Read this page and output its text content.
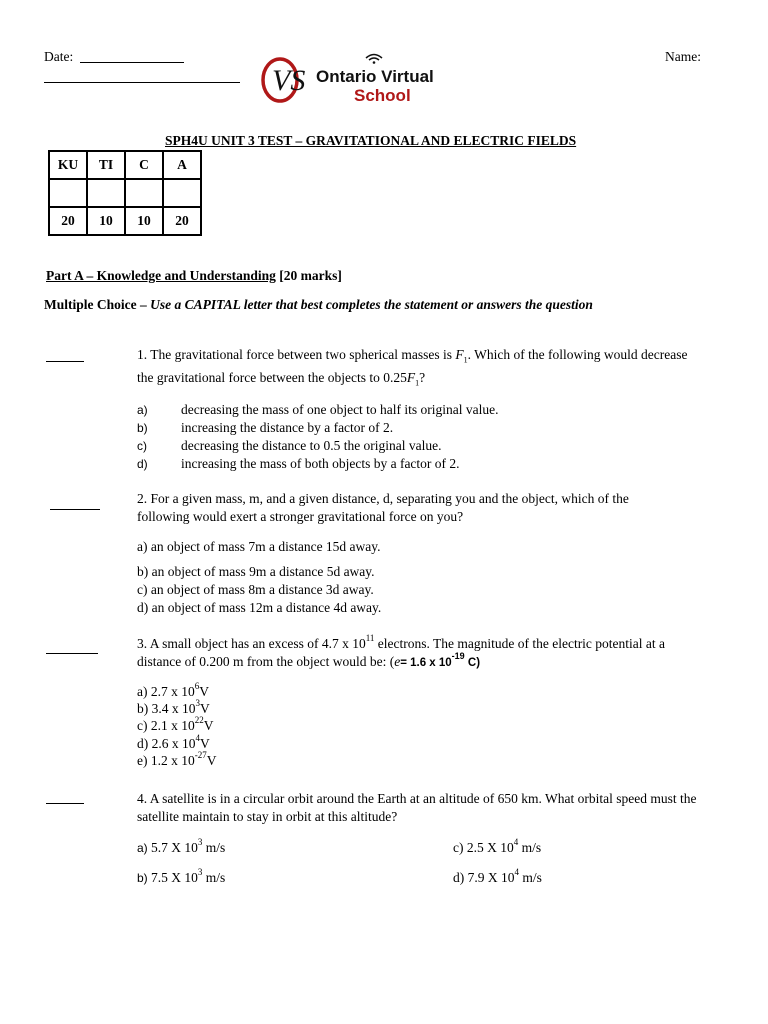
Date:	Name:
VS Ontario Virtual
School
SPH4U UNIT 3 TEST – GRAVITATIONAL AND ELECTRIC FIELDS
KU	TI	C	A

20	10	10	20
Part A – Knowledge and Understanding [20 marks]
Multiple Choice – Use a CAPITAL letter that best completes the statement or answers the question
1. The gravitational force between two spherical masses is $F_1$. Which of the following would decrease
the gravitational force between the objects to $0.25F_1$?
a) decreasing the mass of one object to half its original value.
b) increasing the distance by a factor of 2.
c)	decreasing the distance to 0.5 the original value.
d) increasing the mass of both objects by a factor of 2.
2. For a given mass, m, and a given distance, d, separating you and the object, which of the
following would exert a stronger gravitational force on you?
a) an object of mass 7m a distance 15d away.
b) an object of mass 9m a distance 5d away.
c) an object of mass 8m a distance 3d away.
d) an object of mass 12m a distance 4d away.
3. A small object has an excess of 4.7 x $10^{11}$ electrons. The magnitude of the electric potential at a
distance of 0.200 m from the object would be: (e= 1.6 x $10^{-19}$ C)
a) 2.7 x $10^6V$
b) 3.4 x $10^3V$
c) 2.1 x $10^{22}V$
d) 2.6 x $10^4V$
e) 1.2 x $10^{-27}V$
4. A satellite is in a circular orbit around the Earth at an altitude of 650 km. What orbital speed must the
satellite maintain to stay in orbit at this altitude?
a) 5.7 X $10^3$ m/s	c) 2.5 X $10^4$ m/s
b) 7.5 X $10^3$ m/s	d) 7.9 X $10^4$ m/s
